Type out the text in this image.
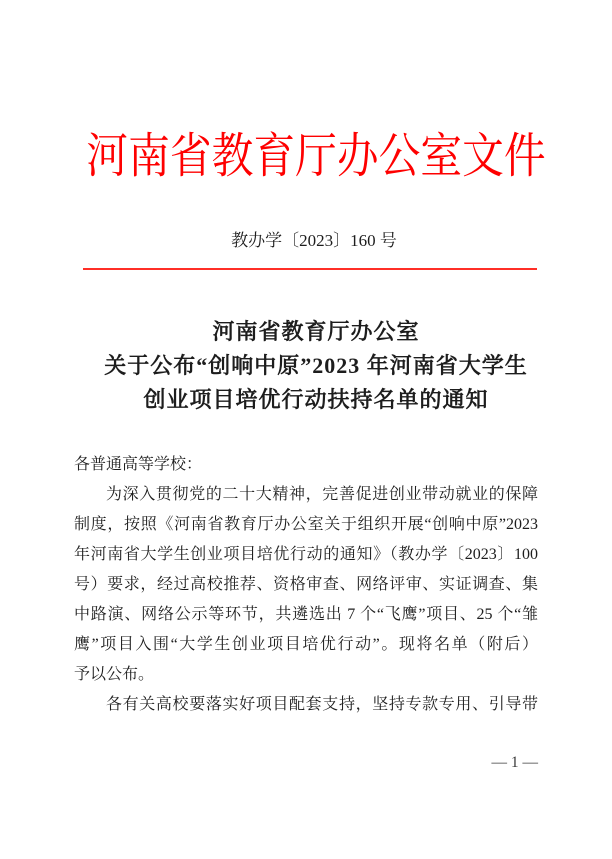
河南省教育厅办公室文件
教办学〔2023〕160 号
河南省教育厅办公室
关于公布“创响中原”2023 年河南省大学生
创业项目培优行动扶持名单的通知
各普通高等学校：
为深入贯彻党的二十大精神，完善促进创业带动就业的保障
制度，按照《河南省教育厅办公室关于组织开展“创响中原”2023
年河南省大学生创业项目培优行动的通知》（教办学〔2023〕100
号）要求，经过高校推荐、资格审查、网络评审、实证调查、集
中路演、网络公示等环节，共遴选出 7 个“飞鹰”项目、25 个“雏
鹰”项目入围“大学生创业项目培优行动”。现将名单（附后）
予以公布。
各有关高校要落实好项目配套支持，坚持专款专用、引导带
— 1 —
